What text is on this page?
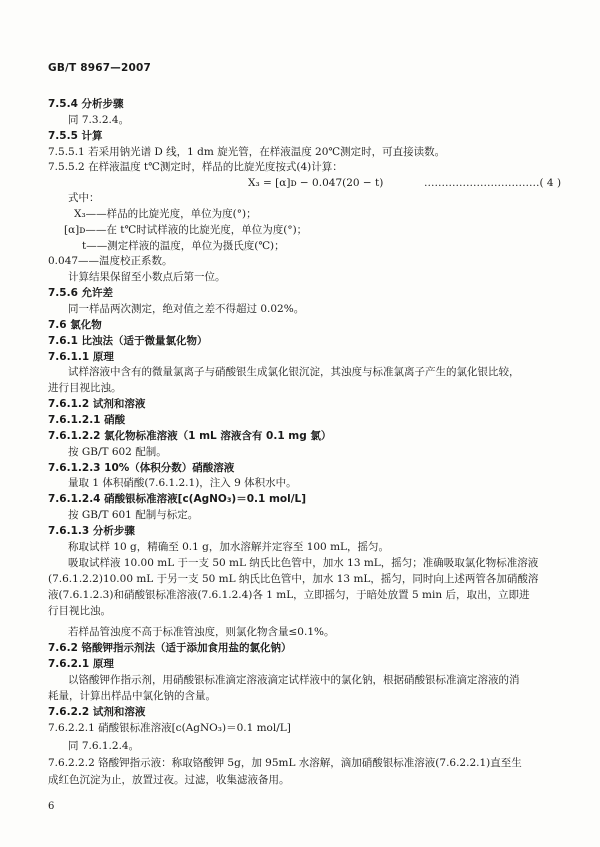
GB/T 8967—2007
7.5.4 分析步骤
同 7.3.2.4。
7.5.5 计算
7.5.5.1 若采用钠光谱 D 线，1 dm 旋光管，在样液温度 20℃测定时，可直接读数。
7.5.5.2 在样液温度 t℃测定时，样品的比旋光度按式(4)计算：
X₃ = [α]ᴅ − 0.047(20 − t)	……………………………( 4 )
式中：
X₃——样品的比旋光度，单位为度(°)；
[α]ᴅ——在 t℃时试样液的比旋光度，单位为度(°)；
t——测定样液的温度，单位为摄氏度(℃)；
0.047——温度校正系数。
计算结果保留至小数点后第一位。
7.5.6 允许差
同一样品两次测定，绝对值之差不得超过 0.02%。
7.6 氯化物
7.6.1 比浊法（适于微量氯化物）
7.6.1.1 原理
试样溶液中含有的微量氯离子与硝酸银生成氯化银沉淀，其浊度与标准氯离子产生的氯化银比较，
进行目视比浊。
7.6.1.2 试剂和溶液
7.6.1.2.1 硝酸
7.6.1.2.2 氯化物标准溶液（1 mL 溶液含有 0.1 mg 氯）
按 GB/T 602 配制。
7.6.1.2.3 10%（体积分数）硝酸溶液
量取 1 体积硝酸(7.6.1.2.1)，注入 9 体积水中。
7.6.1.2.4 硝酸银标准溶液[c(AgNO₃)＝0.1 mol/L]
按 GB/T 601 配制与标定。
7.6.1.3 分析步骤
称取试样 10 g，精确至 0.1 g，加水溶解并定容至 100 mL，摇匀。
吸取试样液 10.00 mL 于一支 50 mL 纳氏比色管中，加水 13 mL，摇匀；准确吸取氯化物标准溶液
(7.6.1.2.2)10.00 mL 于另一支 50 mL 纳氏比色管中，加水 13 mL，摇匀，同时向上述两管各加硝酸溶
液(7.6.1.2.3)和硝酸银标准溶液(7.6.1.2.4)各 1 mL，立即摇匀，于暗处放置 5 min 后，取出，立即进
行目视比浊。
若样品管浊度不高于标准管浊度，则氯化物含量≤0.1%。
7.6.2 铬酸钾指示剂法（适于添加食用盐的氯化钠）
7.6.2.1 原理
以铬酸钾作指示剂，用硝酸银标准滴定溶液滴定试样液中的氯化钠，根据硝酸银标准滴定溶液的消
耗量，计算出样品中氯化钠的含量。
7.6.2.2 试剂和溶液
7.6.2.2.1 硝酸银标准溶液[c(AgNO₃)＝0.1 mol/L]
同 7.6.1.2.4。
7.6.2.2.2 铬酸钾指示液：称取铬酸钾 5g，加 95mL 水溶解，滴加硝酸银标准溶液(7.6.2.2.1)直至生
成红色沉淀为止，放置过夜。过滤，收集滤液备用。
6
